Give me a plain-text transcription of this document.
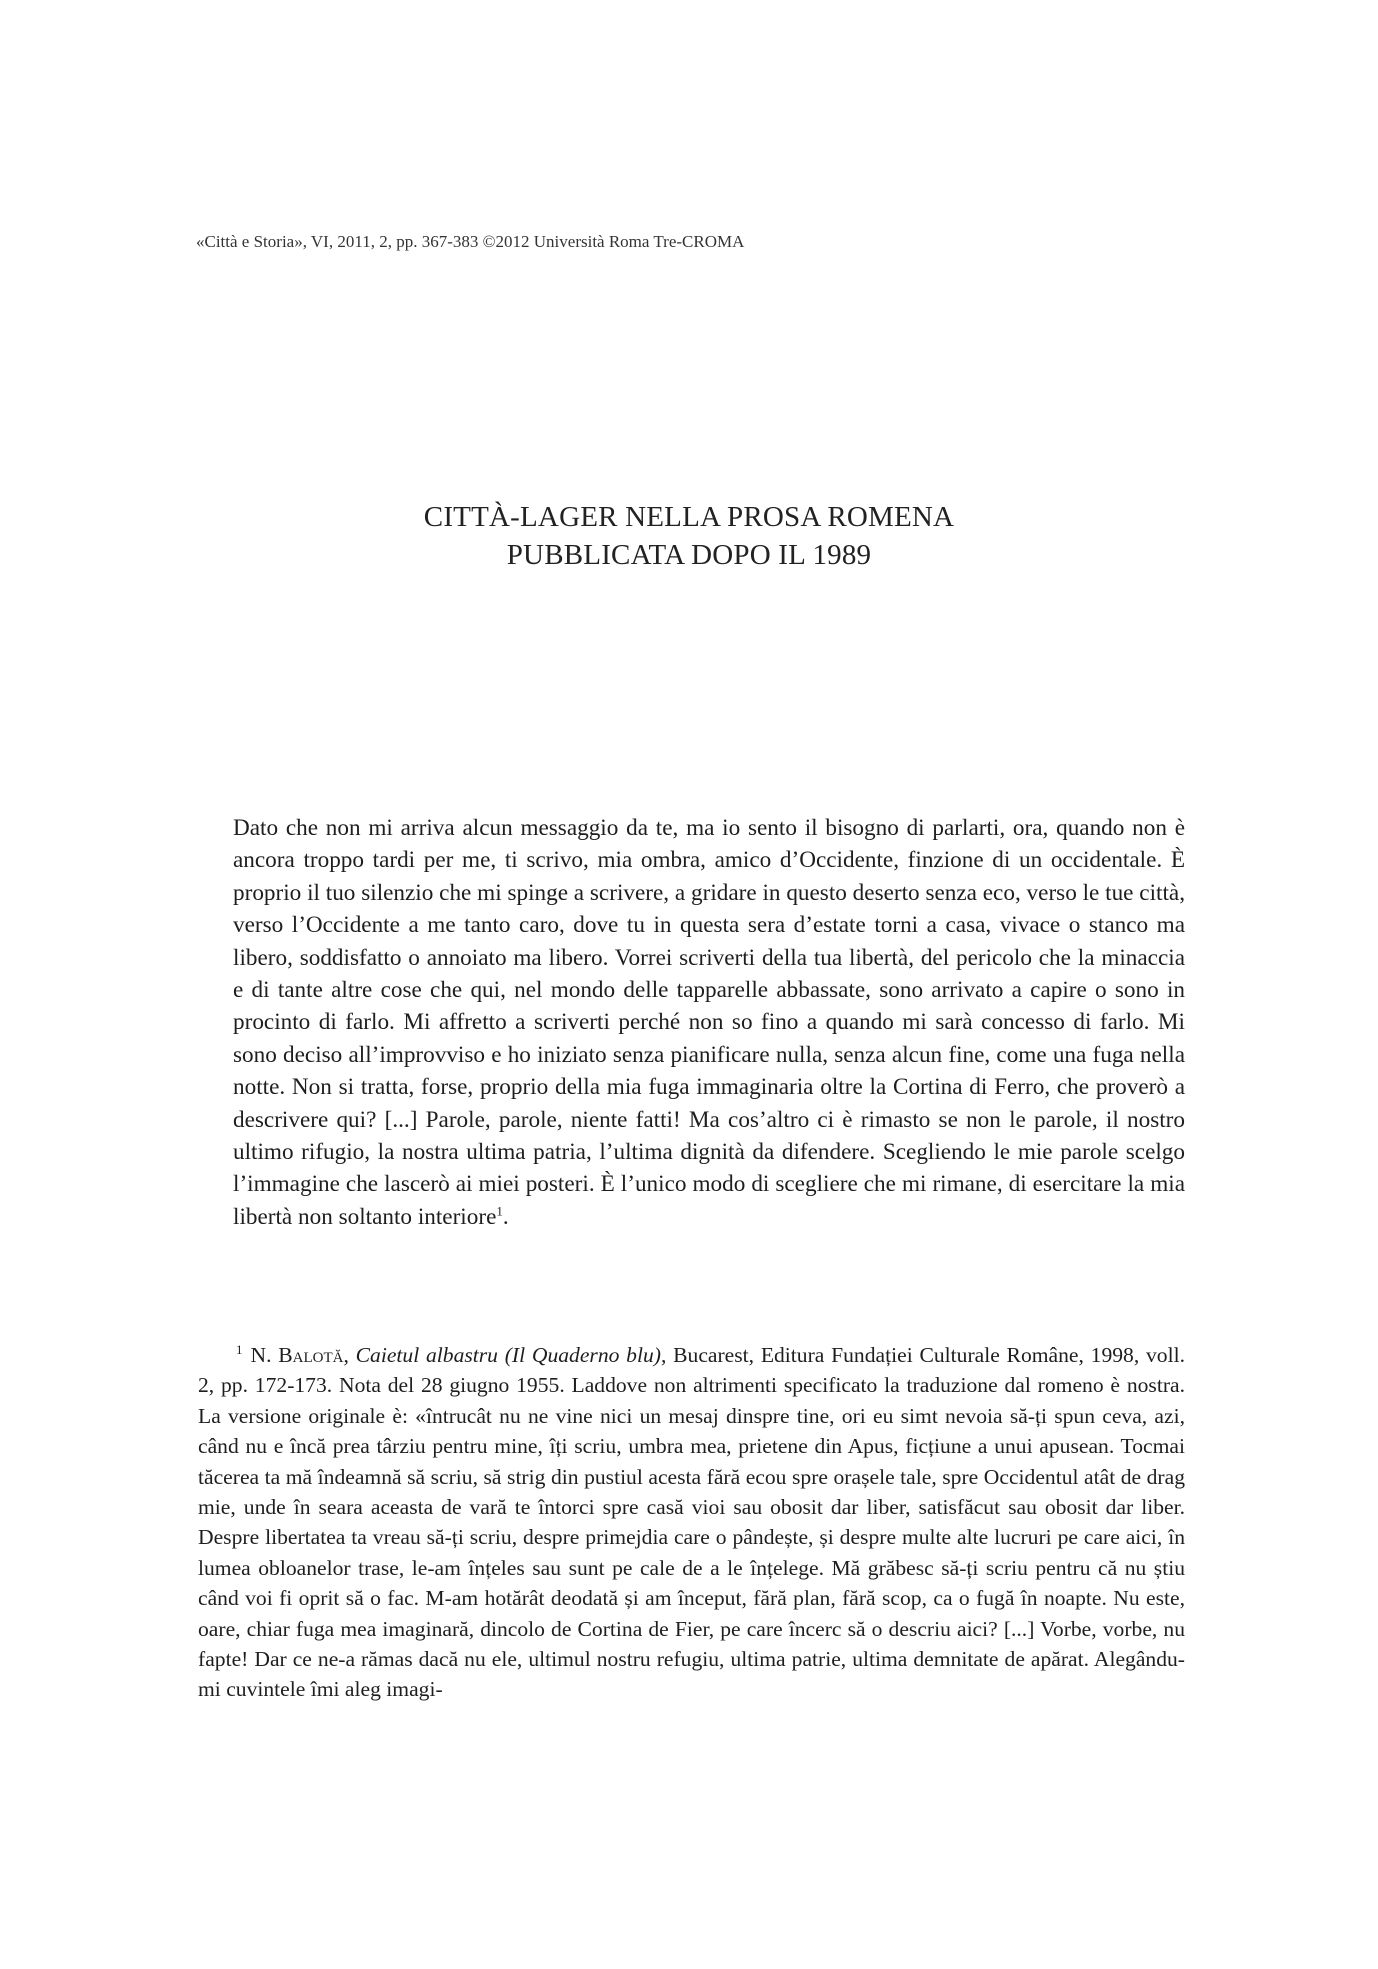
«Città e Storia», VI, 2011, 2, pp. 367-383 ©2012 Università Roma Tre-CROMA
CITTÀ-LAGER NELLA PROSA ROMENA
PUBBLICATA DOPO IL 1989
Dato che non mi arriva alcun messaggio da te, ma io sento il bisogno di parlarti, ora, quando non è ancora troppo tardi per me, ti scrivo, mia ombra, amico d’Occidente, finzione di un occidentale. È proprio il tuo silenzio che mi spinge a scrivere, a gridare in questo deserto senza eco, verso le tue città, verso l’Occidente a me tanto caro, dove tu in questa sera d’estate torni a casa, vivace o stanco ma libero, soddisfatto o annoiato ma libero. Vorrei scriverti della tua libertà, del pericolo che la minaccia e di tante altre cose che qui, nel mondo delle tapparelle abbassate, sono arrivato a capire o sono in procinto di farlo. Mi affretto a scriverti perché non so fino a quando mi sarà concesso di farlo. Mi sono deciso all’improvviso e ho iniziato senza pianificare nulla, senza alcun fine, come una fuga nella notte. Non si tratta, forse, proprio della mia fuga immaginaria oltre la Cortina di Ferro, che proverò a descrivere qui? [...] Parole, parole, niente fatti! Ma cos’altro ci è rimasto se non le parole, il nostro ultimo rifugio, la nostra ultima patria, l’ultima dignità da difendere. Scegliendo le mie parole scelgo l’immagine che lascerò ai miei posteri. È l’unico modo di scegliere che mi rimane, di esercitare la mia libertà non soltanto interiore$^1$.
$^1$ N. Balotă, Caietul albastru (Il Quaderno blu), Bucarest, Editura Fundației Culturale Române, 1998, voll. 2, pp. 172-173. Nota del 28 giugno 1955. Laddove non altrimenti specificato la traduzione dal romeno è nostra. La versione originale è: «întrucât nu ne vine nici un mesaj dinspre tine, ori eu simt nevoia să-ți spun ceva, azi, când nu e încă prea târziu pentru mine, îți scriu, umbra mea, prietene din Apus, ficțiune a unui apusean. Tocmai tăcerea ta mă îndeamnă să scriu, să strig din pustiul acesta fără ecou spre orașele tale, spre Occidentul atât de drag mie, unde în seara aceasta de vară te întorci spre casă vioi sau obosit dar liber, satisfăcut sau obosit dar liber. Despre libertatea ta vreau să-ți scriu, despre primejdia care o pândește, și despre multe alte lucruri pe care aici, în lumea obloanelor trase, le-am înțeles sau sunt pe cale de a le înțelege. Mă grăbesc să-ți scriu pentru că nu știu când voi fi oprit să o fac. M-am hotărât deodată și am început, fără plan, fără scop, ca o fugă în noapte. Nu este, oare, chiar fuga mea imaginară, dincolo de Cortina de Fier, pe care încerc să o descriu aici? [...] Vorbe, vorbe, nu fapte! Dar ce ne-a rămas dacă nu ele, ultimul nostru refugiu, ultima patrie, ultima demnitate de apărat. Alegându-mi cuvintele îmi aleg imagi-
